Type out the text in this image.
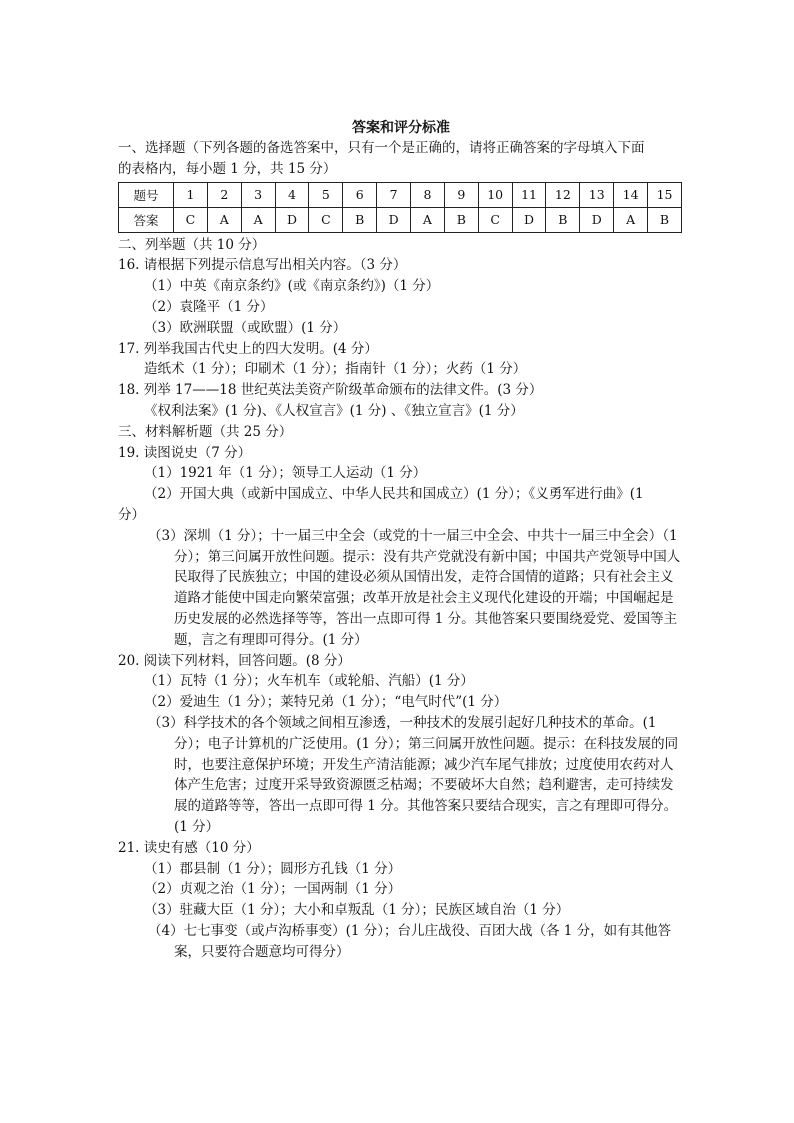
答案和评分标准
一、选择题（下列各题的备选答案中，只有一个是正确的，请将正确答案的字母填入下面
的表格内，每小题 1 分，共 15 分）
题号	1	2	3	4	5	6	7	8	9	10	11	12	13	14	15
答案	C	A	A	D	C	B	D	A	B	C	D	B	D	A	B
二、列举题（共 10 分）
16. 请根据下列提示信息写出相关内容。（3 分）
（1）中英《南京条约》(或《南京条约》)（1 分）
（2）袁隆平（1 分）
（3）欧洲联盟（或欧盟）(1 分）
17. 列举我国古代史上的四大发明。(4 分）
造纸术（1 分）；印刷术（1 分）；指南针（1 分）；火药（1 分）
18. 列举 17——18 世纪英法美资产阶级革命颁布的法律文件。(3 分）
《权利法案》(1 分)、《人权宣言》(1 分) 、《独立宣言》(1 分）
三、材料解析题（共 25 分）
19. 读图说史（7 分）
（1）1921 年（1 分）；领导工人运动（1 分）
（2）开国大典（或新中国成立、中华人民共和国成立）(1 分）；《义勇军进行曲》(1
分）
（3）深圳（1 分）；十一届三中全会（或党的十一届三中全会、中共十一届三中全会）（1 分）；第三问属开放性问题。提示：没有共产党就没有新中国；中国共产党领导中国人民取得了民族独立；中国的建设必须从国情出发，走符合国情的道路；只有社会主义道路才能使中国走向繁荣富强；改革开放是社会主义现代化建设的开端；中国崛起是历史发展的必然选择等等，答出一点即可得 1 分。其他答案只要围绕爱党、爱国等主题，言之有理即可得分。(1 分）
20. 阅读下列材料，回答问题。(8 分）
（1）瓦特（1 分）；火车机车（或轮船、汽船）(1 分）
（2）爱迪生（1 分）；莱特兄弟（1 分）；“电气时代”(1 分）
（3）科学技术的各个领域之间相互渗透，一种技术的发展引起好几种技术的革命。(1 分）；电子计算机的广泛使用。(1 分）；第三问属开放性问题。提示：在科技发展的同时，也要注意保护环境；开发生产清洁能源；减少汽车尾气排放；过度使用农药对人体产生危害；过度开采导致资源匮乏枯竭；不要破坏大自然；趋利避害，走可持续发展的道路等等，答出一点即可得 1 分。其他答案只要结合现实，言之有理即可得分。(1 分）
21. 读史有感（10 分）
（1）郡县制（1 分）；圆形方孔钱（1 分）
（2）贞观之治（1 分）；一国两制（1 分）
（3）驻藏大臣（1 分）；大小和卓叛乱（1 分）；民族区域自治（1 分）
（4）七七事变（或卢沟桥事变）(1 分）；台儿庄战役、百团大战（各 1 分，如有其他答案，只要符合题意均可得分）
